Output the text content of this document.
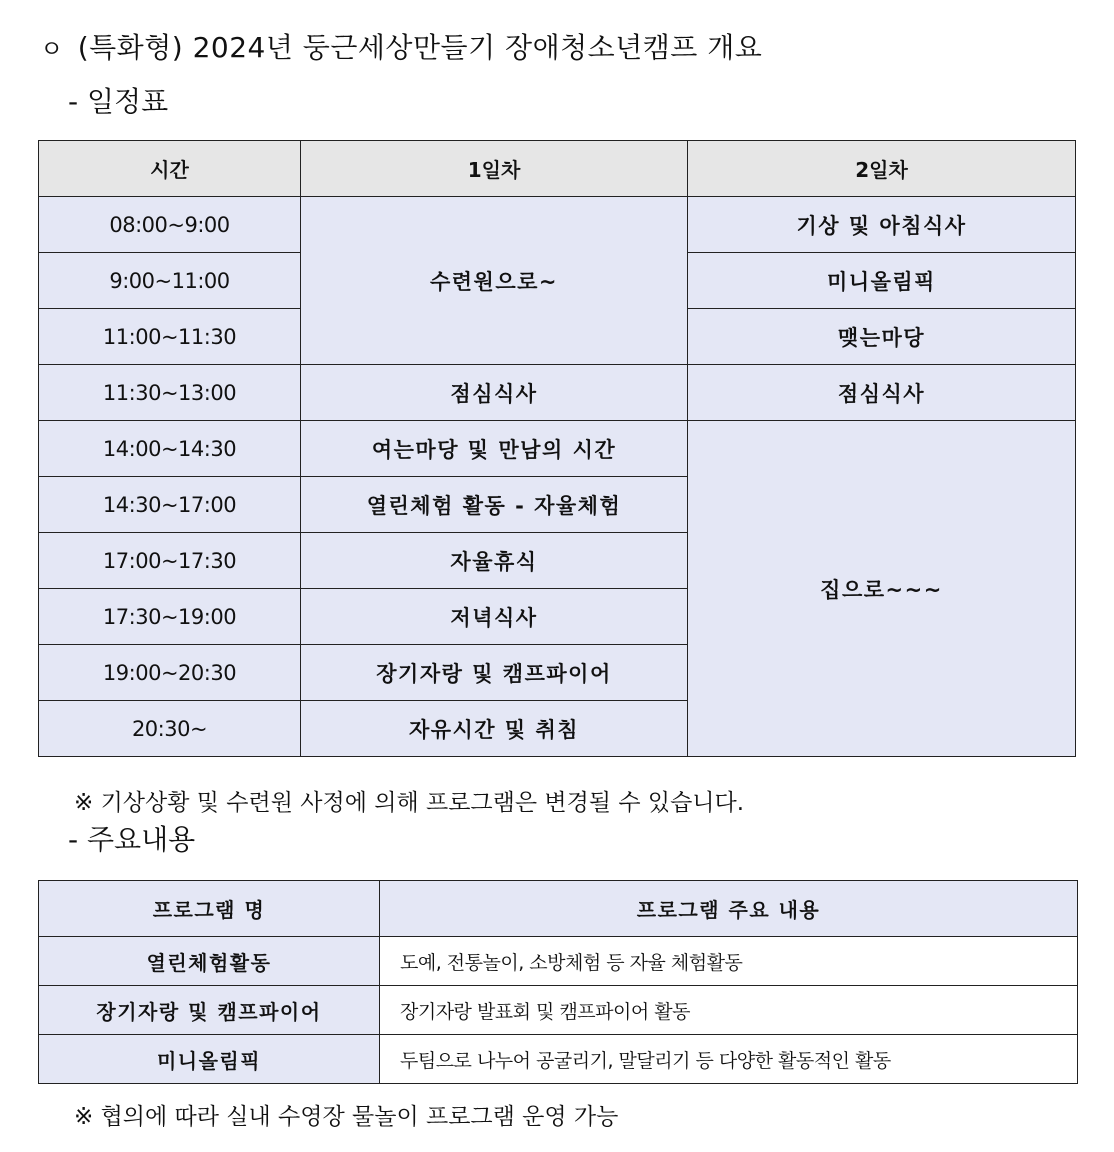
ㅇ (특화형) 2024년 둥근세상만들기 장애청소년캠프 개요
- 일정표
시간	1일차	2일차
08:00~9:00	수련원으로~	기상 및 아침식사
9:00~11:00		미니올림픽
11:00~11:30		맺는마당
11:30~13:00	점심식사	점심식사
14:00~14:30	여는마당 및 만남의 시간	집으로~~~
14:30~17:00	열린체험 활동 - 자율체험	
17:00~17:30	자율휴식	
17:30~19:00	저녁식사	
19:00~20:30	장기자랑 및 캠프파이어	
20:30~	자유시간 및 취침	
※ 기상상황 및 수련원 사정에 의해 프로그램은 변경될 수 있습니다.
- 주요내용
프로그램 명	프로그램 주요 내용
열린체험활동	도예, 전통놀이, 소방체험 등 자율 체험활동
장기자랑 및 캠프파이어	장기자랑 발표회 및 캠프파이어 활동
미니올림픽	두팀으로 나누어 공굴리기, 말달리기 등 다양한 활동적인 활동
※ 협의에 따라 실내 수영장 물놀이 프로그램 운영 가능
